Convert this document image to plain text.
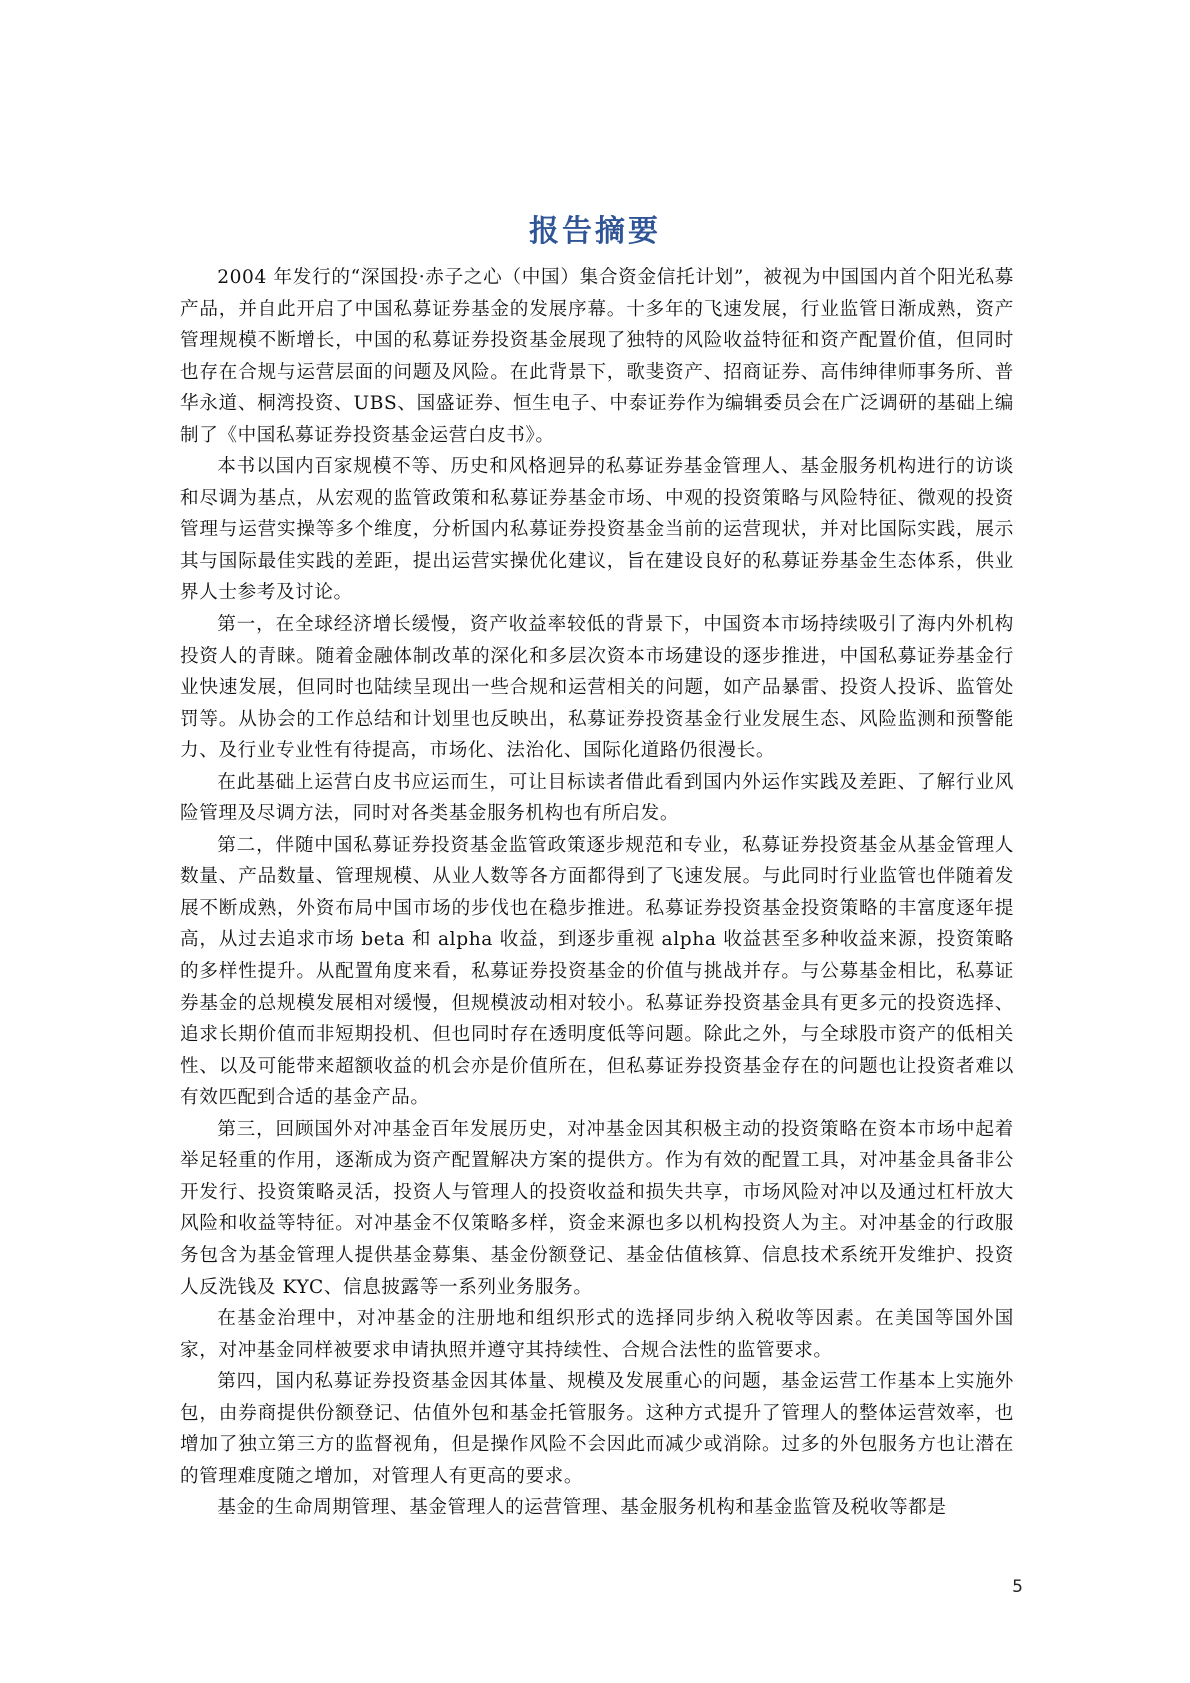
报告摘要

2004 年发行的“深国投·赤子之心（中国）集合资金信托计划”，被视为中国国内首个阳光私募产品，并自此开启了中国私募证券基金的发展序幕。十多年的飞速发展，行业监管日渐成熟，资产管理规模不断增长，中国的私募证券投资基金展现了独特的风险收益特征和资产配置价值，但同时也存在合规与运营层面的问题及风险。在此背景下，歌斐资产、招商证券、高伟绅律师事务所、普华永道、桐湾投资、UBS、国盛证券、恒生电子、中泰证券作为编辑委员会在广泛调研的基础上编制了《中国私募证券投资基金运营白皮书》。

本书以国内百家规模不等、历史和风格迥异的私募证券基金管理人、基金服务机构进行的访谈和尽调为基点，从宏观的监管政策和私募证券基金市场、中观的投资策略与风险特征、微观的投资管理与运营实操等多个维度，分析国内私募证券投资基金当前的运营现状，并对比国际实践，展示其与国际最佳实践的差距，提出运营实操优化建议，旨在建设良好的私募证券基金生态体系，供业界人士参考及讨论。

第一，在全球经济增长缓慢，资产收益率较低的背景下，中国资本市场持续吸引了海内外机构投资人的青睐。随着金融体制改革的深化和多层次资本市场建设的逐步推进，中国私募证券基金行业快速发展，但同时也陆续呈现出一些合规和运营相关的问题，如产品暴雷、投资人投诉、监管处罚等。从协会的工作总结和计划里也反映出，私募证券投资基金行业发展生态、风险监测和预警能力、及行业专业性有待提高，市场化、法治化、国际化道路仍很漫长。

在此基础上运营白皮书应运而生，可让目标读者借此看到国内外运作实践及差距、了解行业风险管理及尽调方法，同时对各类基金服务机构也有所启发。

第二，伴随中国私募证券投资基金监管政策逐步规范和专业，私募证券投资基金从基金管理人数量、产品数量、管理规模、从业人数等各方面都得到了飞速发展。与此同时行业监管也伴随着发展不断成熟，外资布局中国市场的步伐也在稳步推进。私募证券投资基金投资策略的丰富度逐年提高，从过去追求市场 beta 和 alpha 收益，到逐步重视 alpha 收益甚至多种收益来源，投资策略的多样性提升。从配置角度来看，私募证券投资基金的价值与挑战并存。与公募基金相比，私募证券基金的总规模发展相对缓慢，但规模波动相对较小。私募证券投资基金具有更多元的投资选择、追求长期价值而非短期投机、但也同时存在透明度低等问题。除此之外，与全球股市资产的低相关性、以及可能带来超额收益的机会亦是价值所在，但私募证券投资基金存在的问题也让投资者难以有效匹配到合适的基金产品。

第三，回顾国外对冲基金百年发展历史，对冲基金因其积极主动的投资策略在资本市场中起着举足轻重的作用，逐渐成为资产配置解决方案的提供方。作为有效的配置工具，对冲基金具备非公开发行、投资策略灵活，投资人与管理人的投资收益和损失共享，市场风险对冲以及通过杠杆放大风险和收益等特征。对冲基金不仅策略多样，资金来源也多以机构投资人为主。对冲基金的行政服务包含为基金管理人提供基金募集、基金份额登记、基金估值核算、信息技术系统开发维护、投资人反洗钱及 KYC、信息披露等一系列业务服务。

在基金治理中，对冲基金的注册地和组织形式的选择同步纳入税收等因素。在美国等国外国家，对冲基金同样被要求申请执照并遵守其持续性、合规合法性的监管要求。

第四，国内私募证券投资基金因其体量、规模及发展重心的问题，基金运营工作基本上实施外包，由券商提供份额登记、估值外包和基金托管服务。这种方式提升了管理人的整体运营效率，也增加了独立第三方的监督视角，但是操作风险不会因此而减少或消除。过多的外包服务方也让潜在的管理难度随之增加，对管理人有更高的要求。

基金的生命周期管理、基金管理人的运营管理、基金服务机构和基金监管及税收等都是

5
